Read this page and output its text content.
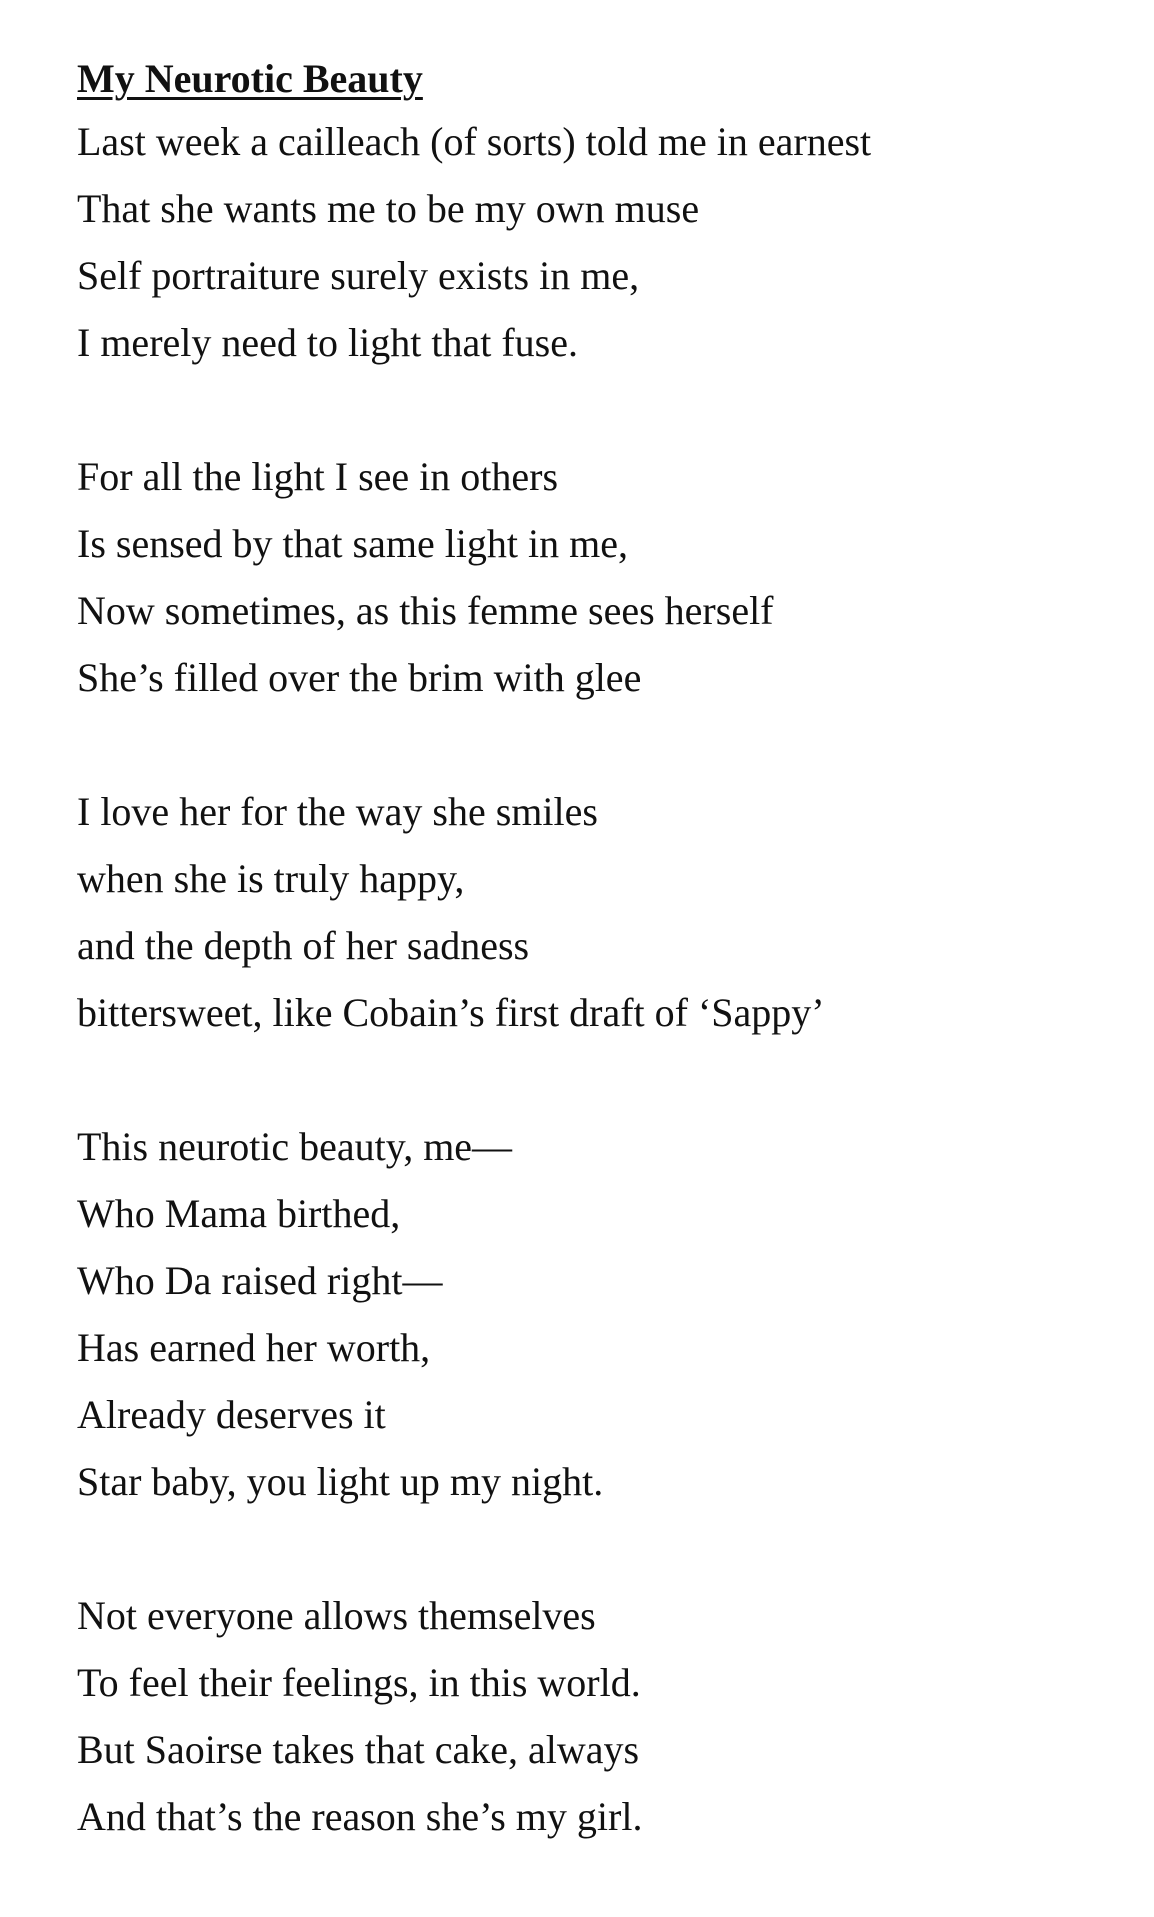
My Neurotic Beauty
Last week a cailleach (of sorts) told me in earnest
That she wants me to be my own muse
Self portraiture surely exists in me,
I merely need to light that fuse.
For all the light I see in others
Is sensed by that same light in me,
Now sometimes, as this femme sees herself
She’s filled over the brim with glee
I love her for the way she smiles
when she is truly happy,
and the depth of her sadness
bittersweet, like Cobain’s first draft of ‘Sappy’
This neurotic beauty, me—
Who Mama birthed,
Who Da raised right—
Has earned her worth,
Already deserves it
Star baby, you light up my night.
Not everyone allows themselves
To feel their feelings, in this world.
But Saoirse takes that cake, always
And that’s the reason she’s my girl.
